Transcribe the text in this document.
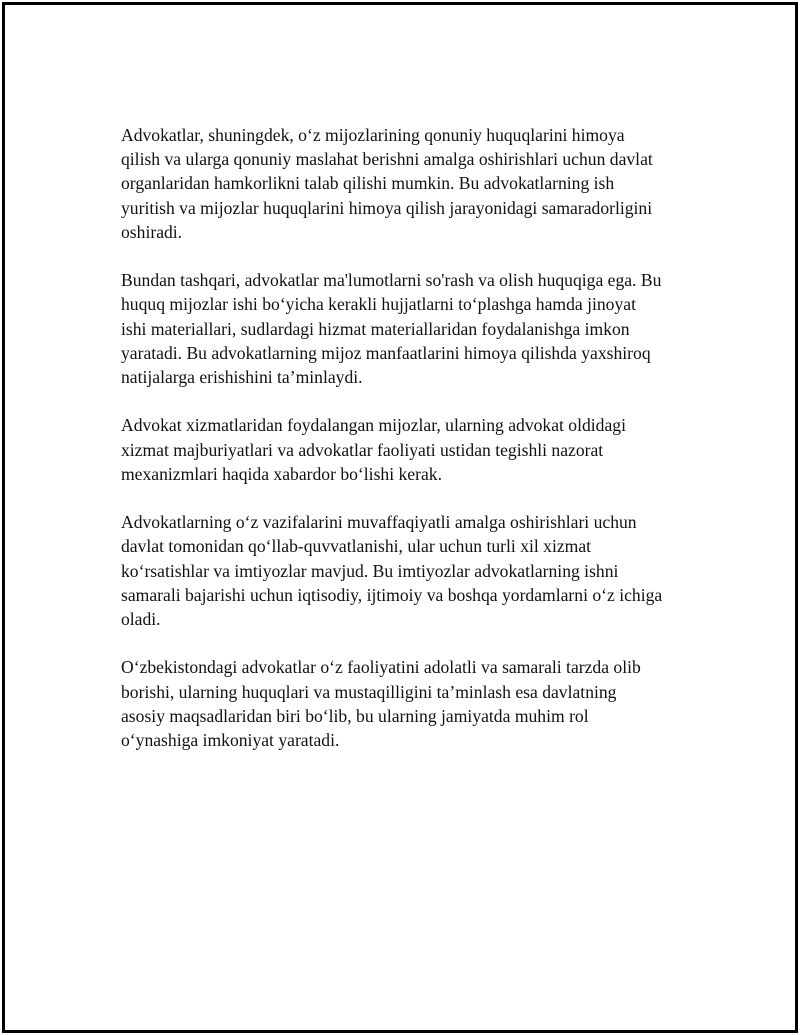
Advokatlar, shuningdek, o‘z mijozlarining qonuniy huquqlarini himoya
qilish va ularga qonuniy maslahat berishni amalga oshirishlari uchun davlat
organlaridan hamkorlikni talab qilishi mumkin. Bu advokatlarning ish
yuritish va mijozlar huquqlarini himoya qilish jarayonidagi samaradorligini
oshiradi.

Bundan tashqari, advokatlar ma'lumotlarni so'rash va olish huquqiga ega. Bu
huquq mijozlar ishi bo‘yicha kerakli hujjatlarni to‘plashga hamda jinoyat
ishi materiallari, sudlardagi hizmat materiallaridan foydalanishga imkon
yaratadi. Bu advokatlarning mijoz manfaatlarini himoya qilishda yaxshiroq
natijalarga erishishini ta’minlaydi.

Advokat xizmatlaridan foydalangan mijozlar, ularning advokat oldidagi
xizmat majburiyatlari va advokatlar faoliyati ustidan tegishli nazorat
mexanizmlari haqida xabardor bo‘lishi kerak.

Advokatlarning o‘z vazifalarini muvaffaqiyatli amalga oshirishlari uchun
davlat tomonidan qo‘llab-quvvatlanishi, ular uchun turli xil xizmat
ko‘rsatishlar va imtiyozlar mavjud. Bu imtiyozlar advokatlarning ishni
samarali bajarishi uchun iqtisodiy, ijtimoiy va boshqa yordamlarni o‘z ichiga
oladi.

O‘zbekistondagi advokatlar o‘z faoliyatini adolatli va samarali tarzda olib
borishi, ularning huquqlari va mustaqilligini ta’minlash esa davlatning
asosiy maqsadlaridan biri bo‘lib, bu ularning jamiyatda muhim rol
o‘ynashiga imkoniyat yaratadi.
